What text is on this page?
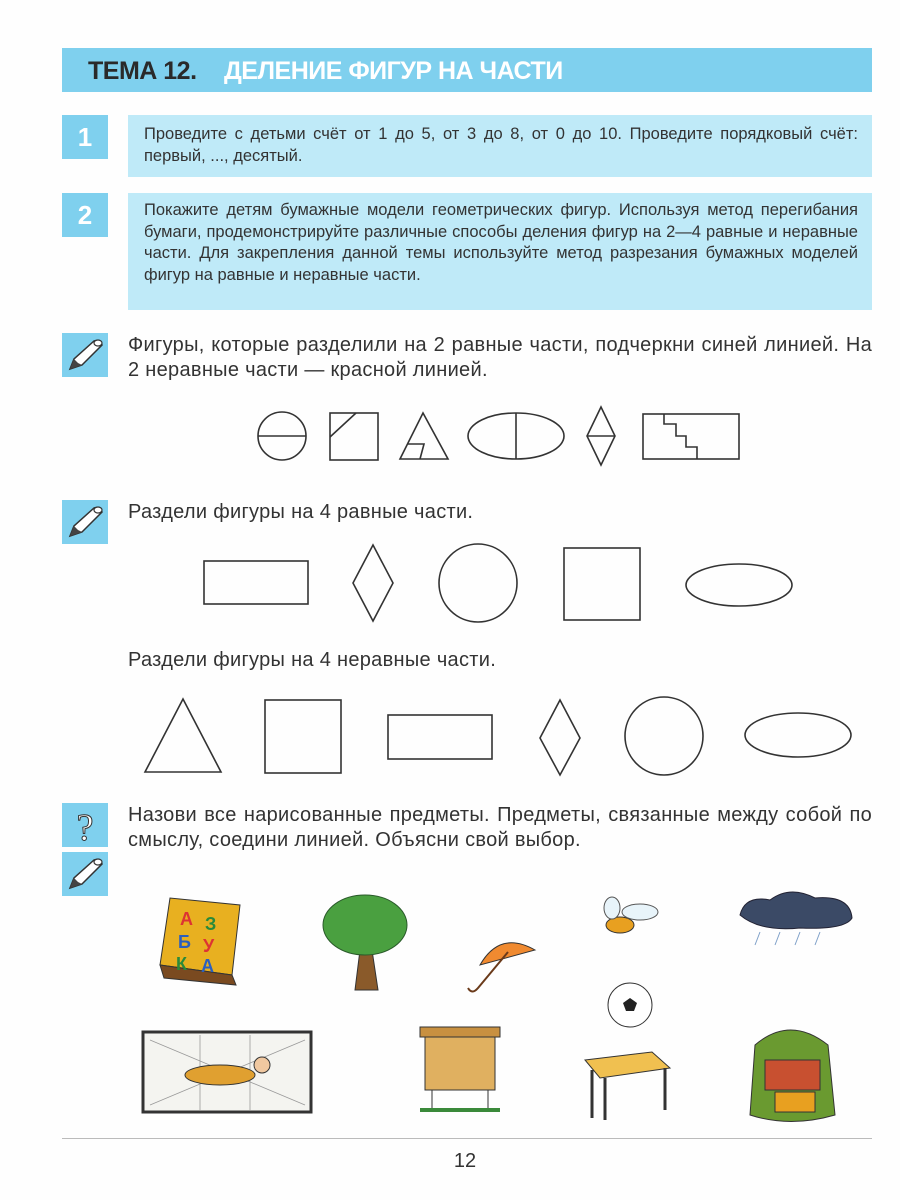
ТЕМА 12. ДЕЛЕНИЕ ФИГУР НА ЧАСТИ
1	Проведите с детьми счёт от 1 до 5, от 3 до 8, от 0 до 10. Проведите порядковый счёт: первый, ..., десятый.
2	Покажите детям бумажные модели геометрических фигур. Используя метод перегибания бумаги, продемонстрируйте различные способы деления фигур на 2—4 равные и неравные части. Для закрепления данной темы используйте метод разрезания бумажных моделей фигур на равные и неравные части.
?
А З
Б У
К А
Фигуры, которые разделили на 2 равные части, подчеркни синей линией. На 2 неравные части — красной линией.
Раздели фигуры на 4 равные части.
Раздели фигуры на 4 неравные части.
Назови все нарисованные предметы. Предметы, связанные между собой по смыслу, соедини линией. Объясни свой выбор.
12
